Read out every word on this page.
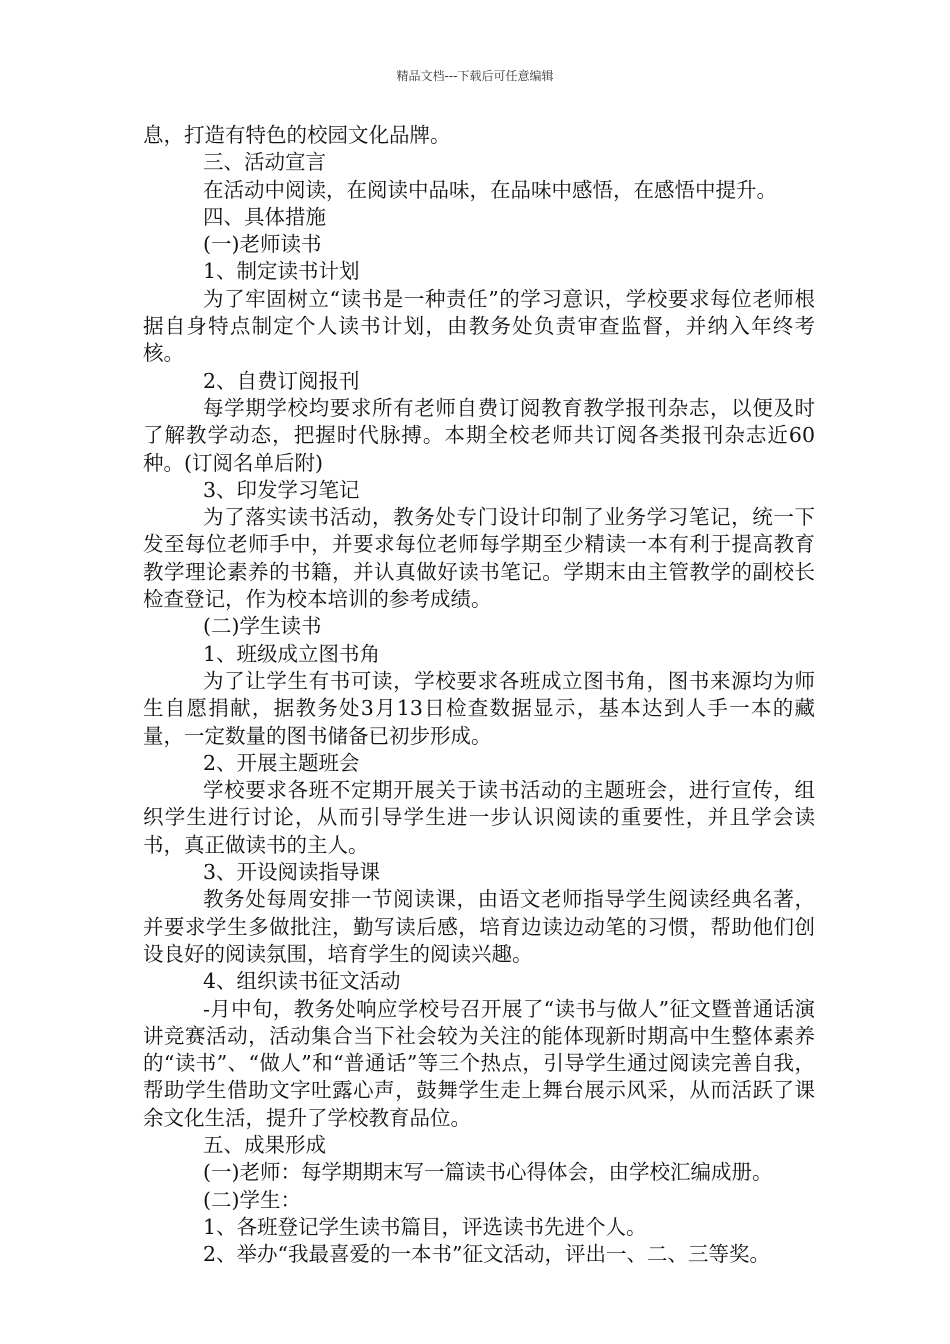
精品文档---下载后可任意编辑

息，打造有特色的校园文化品牌。

三、活动宣言

在活动中阅读，在阅读中品味，在品味中感悟，在感悟中提升。

四、具体措施

(一)老师读书

1、制定读书计划

为了牢固树立“读书是一种责任”的学习意识，学校要求每位老师根据自身特点制定个人读书计划，由教务处负责审查监督，并纳入年终考核。

2、自费订阅报刊

每学期学校均要求所有老师自费订阅教育教学报刊杂志，以便及时了解教学动态，把握时代脉搏。本期全校老师共订阅各类报刊杂志近60种。(订阅名单后附)

3、印发学习笔记

为了落实读书活动，教务处专门设计印制了业务学习笔记，统一下发至每位老师手中，并要求每位老师每学期至少精读一本有利于提高教育教学理论素养的书籍，并认真做好读书笔记。学期末由主管教学的副校长检查登记，作为校本培训的参考成绩。

(二)学生读书

1、班级成立图书角

为了让学生有书可读，学校要求各班成立图书角，图书来源均为师生自愿捐献，据教务处3月13日检查数据显示，基本达到人手一本的藏量，一定数量的图书储备已初步形成。

2、开展主题班会

学校要求各班不定期开展关于读书活动的主题班会，进行宣传，组织学生进行讨论，从而引导学生进一步认识阅读的重要性，并且学会读书，真正做读书的主人。

3、开设阅读指导课

教务处每周安排一节阅读课，由语文老师指导学生阅读经典名著，并要求学生多做批注，勤写读后感，培育边读边动笔的习惯，帮助他们创设良好的阅读氛围，培育学生的阅读兴趣。

4、组织读书征文活动

-月中旬，教务处响应学校号召开展了“读书与做人”征文暨普通话演讲竞赛活动，活动集合当下社会较为关注的能体现新时期高中生整体素养的“读书”、“做人”和“普通话”等三个热点，引导学生通过阅读完善自我，帮助学生借助文字吐露心声，鼓舞学生走上舞台展示风采，从而活跃了课余文化生活，提升了学校教育品位。

五、成果形成

(一)老师：每学期期末写一篇读书心得体会，由学校汇编成册。

(二)学生：

1、各班登记学生读书篇目，评选读书先进个人。

2、举办“我最喜爱的一本书”征文活动，评出一、二、三等奖。
